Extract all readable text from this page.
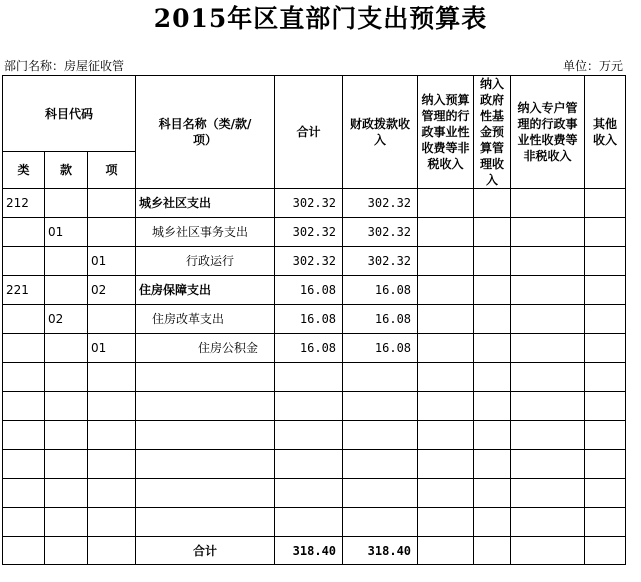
2015年区直部门支出预算表
部门名称：房屋征收管	单位：万元
科目代码			科目名称（类/款/项）	合计	财政拨款收入	纳入预算管理的行政事业性收费等非税收入	纳入政府性基金预算管理收入	纳入专户管理的行政事业性收费等非税收入	其他收入
类	款	项							
212			城乡社区支出	302.32	302.32				
	01		城乡社区事务支出	302.32	302.32				
		01	行政运行	302.32	302.32				
221		02	住房保障支出	16.08	16.08				
	02		住房改革支出	16.08	16.08				
		01	住房公积金	16.08	16.08				

			合计	318.40	318.40				
